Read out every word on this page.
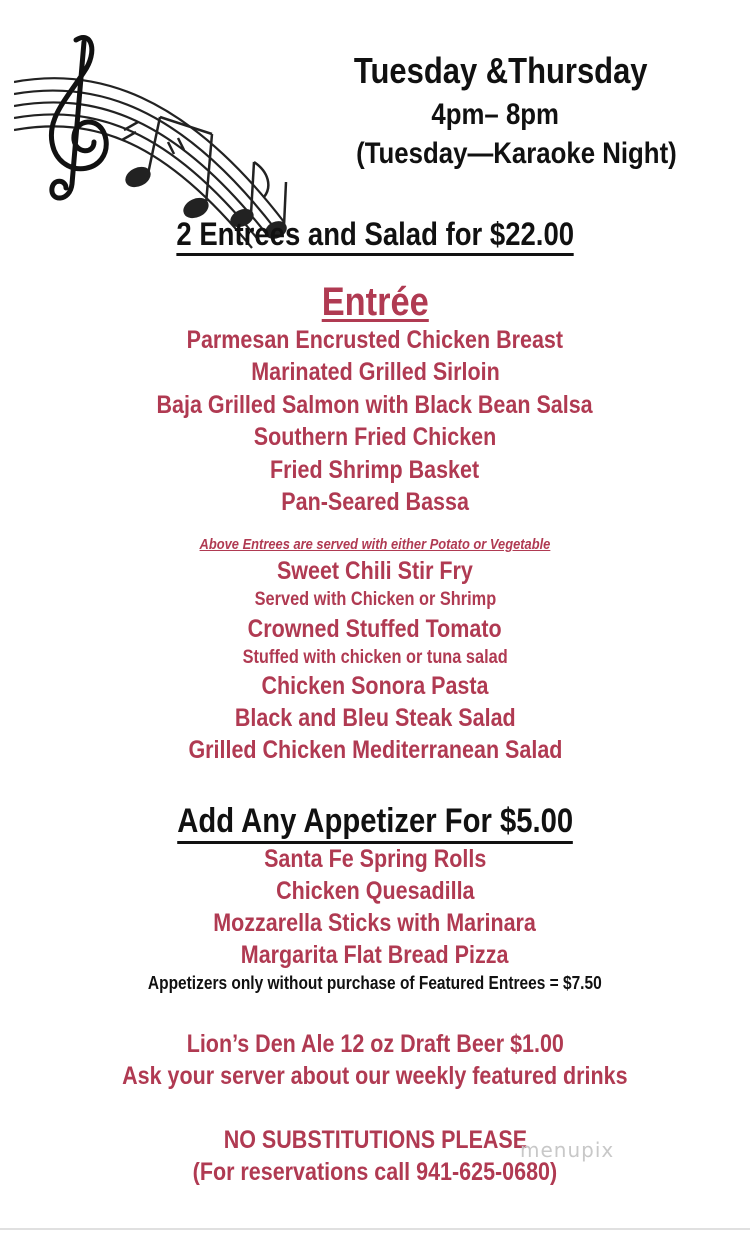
Tuesday &Thursday
4pm– 8pm
(Tuesday—Karaoke Night)
2 Entrees and Salad for $22.00
Entrée
Parmesan Encrusted Chicken Breast
Marinated Grilled Sirloin
Baja Grilled Salmon with Black Bean Salsa
Southern Fried Chicken
Fried Shrimp Basket
Pan-Seared Bassa
Above Entrees are served with either Potato or Vegetable
Sweet Chili Stir Fry
Served with Chicken or Shrimp
Crowned Stuffed Tomato
Stuffed with chicken or tuna salad
Chicken Sonora Pasta
Black and Bleu Steak Salad
Grilled Chicken Mediterranean Salad
Add Any Appetizer For $5.00
Santa Fe Spring Rolls
Chicken Quesadilla
Mozzarella Sticks with Marinara
Margarita Flat Bread Pizza
Appetizers only without purchase of Featured Entrees = $7.50
Lion’s Den Ale 12 oz Draft Beer $1.00
Ask your server about our weekly featured drinks
NO SUBSTITUTIONS PLEASE
(For reservations call 941-625-0680)
menupix
